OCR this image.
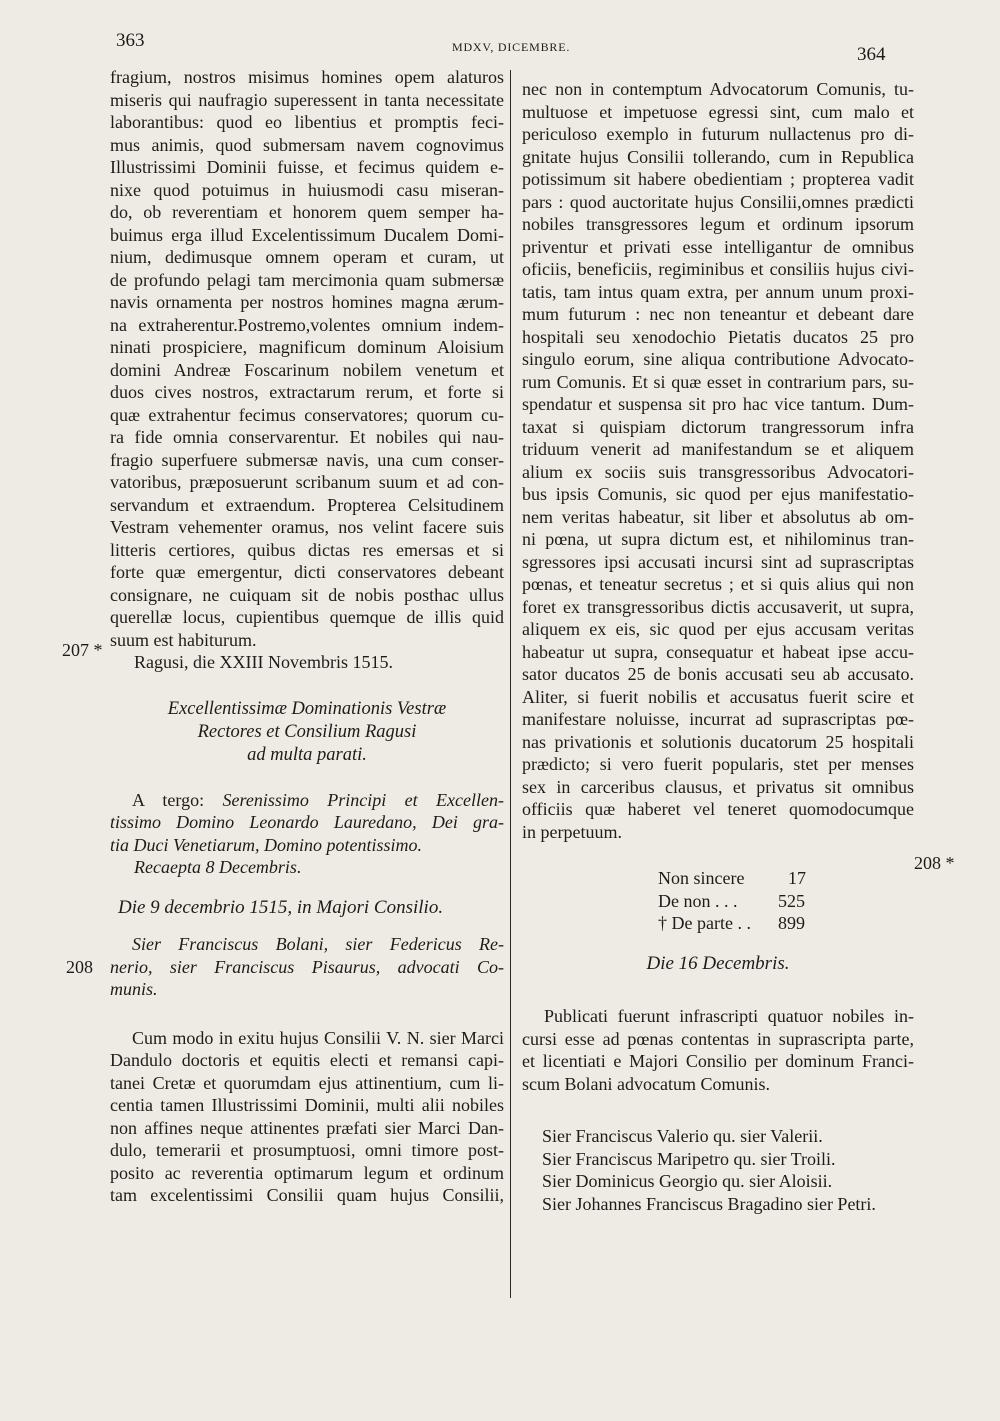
363	MDXV, DICEMBRE.	364
207 *
208
208 *
fragium, nostros misimus homines opem alaturos
miseris qui naufragio superessent in tanta necessitate
laborantibus: quod eo libentius et promptis feci-
mus animis, quod submersam navem cognovimus
Illustrissimi Dominii fuisse, et fecimus quidem e-
nixe quod potuimus in huiusmodi casu miseran-
do, ob reverentiam et honorem quem semper ha-
buimus erga illud Excelentissimum Ducalem Domi-
nium, dedimusque omnem operam et curam, ut
de profundo pelagi tam mercimonia quam submersæ
navis ornamenta per nostros homines magna ærum-
na extraherentur.Postremo,volentes omnium indem-
ninati prospiciere, magnificum dominum Aloisium
domini Andreæ Foscarinum nobilem venetum et
duos cives nostros, extractarum rerum, et forte si
quæ extrahentur fecimus conservatores; quorum cu-
ra fide omnia conservarentur. Et nobiles qui nau-
fragio superfuere submersæ navis, una cum conser-
vatoribus, præposuerunt scribanum suum et ad con-
servandum et extraendum. Propterea Celsitudinem
Vestram vehementer oramus, nos velint facere suis
litteris certiores, quibus dictas res emersas et si
forte quæ emergentur, dicti conservatores debeant
consignare, ne cuiquam sit de nobis posthac ullus
querellæ locus, cupientibus quemque de illis quid
suum est habiturum.
Ragusi, die XXIII Novembris 1515.
Excellentissimæ Dominationis Vestræ
Rectores et Consilium Ragusi
ad multa parati.
A tergo: Serenissimo Principi et Excellen-
tissimo Domino Leonardo Lauredano, Dei gra-
tia Duci Venetiarum, Domino potentissimo.
Recaepta 8 Decembris.
Die 9 decembrio 1515, in Majori Consilio.
Sier Franciscus Bolani, sier Federicus Re-
nerio, sier Franciscus Pisaurus, advocati Co-
munis.
Cum modo in exitu hujus Consilii V. N. sier Marci
Dandulo doctoris et equitis electi et remansi capi-
tanei Cretæ et quorumdam ejus attinentium, cum li-
centia tamen Illustrissimi Dominii, multi alii nobiles
non affines neque attinentes præfati sier Marci Dan-
dulo, temerarii et prosumptuosi, omni timore post-
posito ac reverentia optimarum legum et ordinum
tam excelentissimi Consilii quam hujus Consilii,
nec non in contemptum Advocatorum Comunis, tu-
multuose et impetuose egressi sint, cum malo et
periculoso exemplo in futurum nullactenus pro di-
gnitate hujus Consilii tollerando, cum in Republica
potissimum sit habere obedientiam ; propterea vadit
pars : quod auctoritate hujus Consilii,omnes prædicti
nobiles transgressores legum et ordinum ipsorum
priventur et privati esse intelligantur de omnibus
oficiis, beneficiis, regiminibus et consiliis hujus civi-
tatis, tam intus quam extra, per annum unum proxi-
mum futurum : nec non teneantur et debeant dare
hospitali seu xenodochio Pietatis ducatos 25 pro
singulo eorum, sine aliqua contributione Advocato-
rum Comunis. Et si quæ esset in contrarium pars, su-
spendatur et suspensa sit pro hac vice tantum. Dum-
taxat si quispiam dictorum trangressorum infra
triduum venerit ad manifestandum se et aliquem
alium ex sociis suis transgressoribus Advocatori-
bus ipsis Comunis, sic quod per ejus manifestatio-
nem veritas habeatur, sit liber et absolutus ab om-
ni pœna, ut supra dictum est, et nihilominus tran-
sgressores ipsi accusati incursi sint ad suprascriptas
pœnas, et teneatur secretus ; et si quis alius qui non
foret ex transgressoribus dictis accusaverit, ut supra,
aliquem ex eis, sic quod per ejus accusam veritas
habeatur ut supra, consequatur et habeat ipse accu-
sator ducatos 25 de bonis accusati seu ab accusato.
Aliter, si fuerit nobilis et accusatus fuerit scire et
manifestare noluisse, incurrat ad suprascriptas pœ-
nas privationis et solutionis ducatorum 25 hospitali
prædicto; si vero fuerit popularis, stet per menses
sex in carceribus clausus, et privatus sit omnibus
officiis quæ haberet vel teneret quomodocumque
in perpetuum.
Non sincere	17
De non . . .	525
† De parte . .	899
Die 16 Decembris.
Publicati fuerunt infrascripti quatuor nobiles in-
cursi esse ad pœnas contentas in suprascripta parte,
et licentiati e Majori Consilio per dominum Franci-
scum Bolani advocatum Comunis.
Sier Franciscus Valerio qu. sier Valerii.
Sier Franciscus Maripetro qu. sier Troili.
Sier Dominicus Georgio qu. sier Aloisii.
Sier Johannes Franciscus Bragadino sier Petri.
